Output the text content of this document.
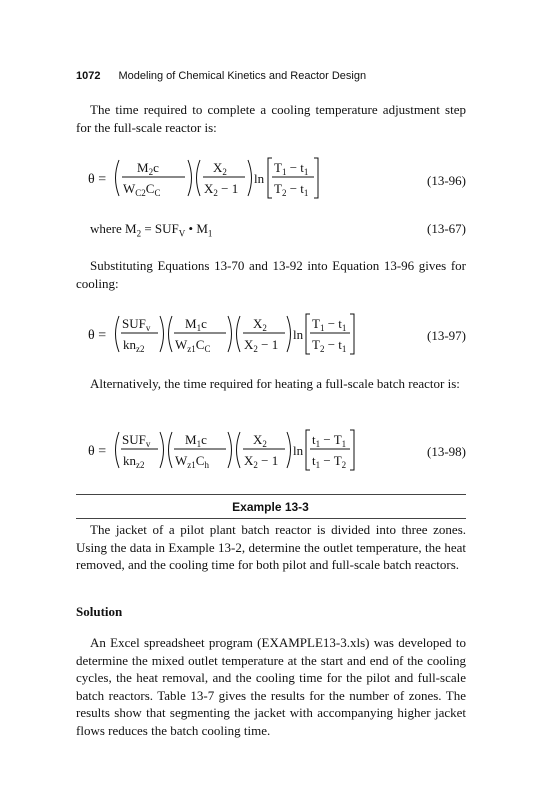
1072 Modeling of Chemical Kinetics and Reactor Design
The time required to complete a cooling temperature adjustment step for the full-scale reactor is:
θ =
$M_2c$
$W_{C2}C_C$
$X_2$
$X_2 - 1$
ln
$T_1 - t_1$
$T_2 - t_1$
(13-96)
where $M_2 = SUF_V$ • $M_1$	(13-67)
Substituting Equations 13-70 and 13-92 into Equation 13-96 gives for cooling:
θ =
$SUF_v$
$kn_{z2}$
$M_1c$
$W_{z1}C_C$
$X_2$
$X_2 - 1$
ln
$T_1 - t_1$
$T_2 - t_1$
(13-97)
Alternatively, the time required for heating a full-scale batch reactor is:
θ =
$SUF_v$
$kn_{z2}$
$M_1c$
$W_{z1}C_h$
$X_2$
$X_2 - 1$
ln
$t_1 - T_1$
$t_1 - T_2$
(13-98)
Example 13-3
The jacket of a pilot plant batch reactor is divided into three zones. Using the data in Example 13-2, determine the outlet temperature, the heat removed, and the cooling time for both pilot and full-scale batch reactors.
Solution
An Excel spreadsheet program (EXAMPLE13-3.xls) was developed to determine the mixed outlet temperature at the start and end of the cooling cycles, the heat removal, and the cooling time for the pilot and full-scale batch reactors. Table 13-7 gives the results for the number of zones. The results show that segmenting the jacket with accompanying higher jacket flows reduces the batch cooling time.
